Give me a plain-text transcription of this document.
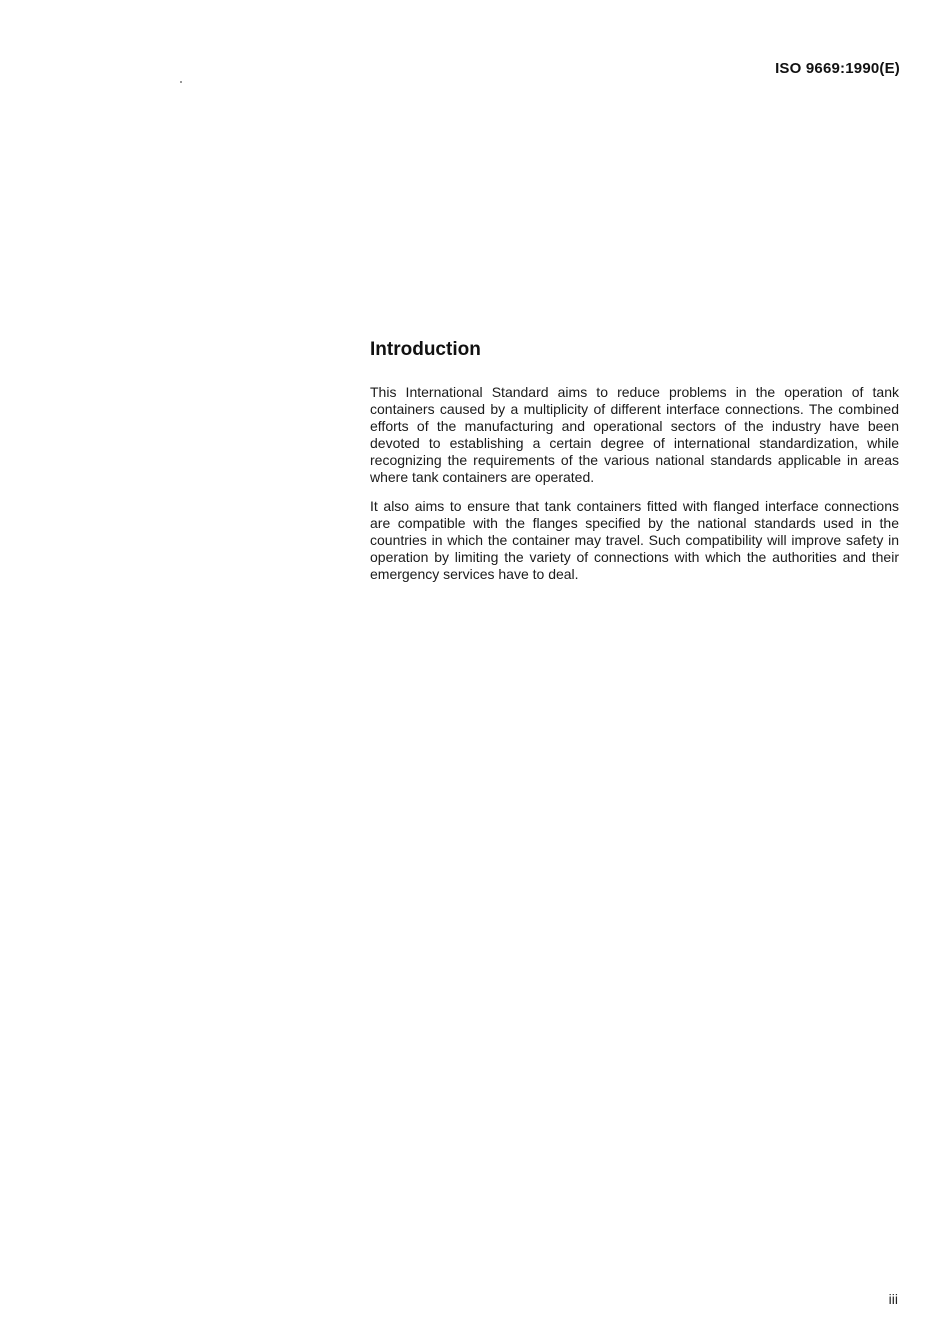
ISO 9669:1990(E)
Introduction

This International Standard aims to reduce problems in the operation of tank containers caused by a multiplicity of different interface connections. The combined efforts of the manufacturing and operational sectors of the industry have been devoted to establishing a certain degree of international standardization, while recognizing the requirements of the various national standards applicable in areas where tank containers are operated.

It also aims to ensure that tank containers fitted with flanged interface connections are compatible with the flanges specified by the national standards used in the countries in which the container may travel. Such compatibility will improve safety in operation by limiting the variety of connections with which the authorities and their emergency services have to deal.

iii
